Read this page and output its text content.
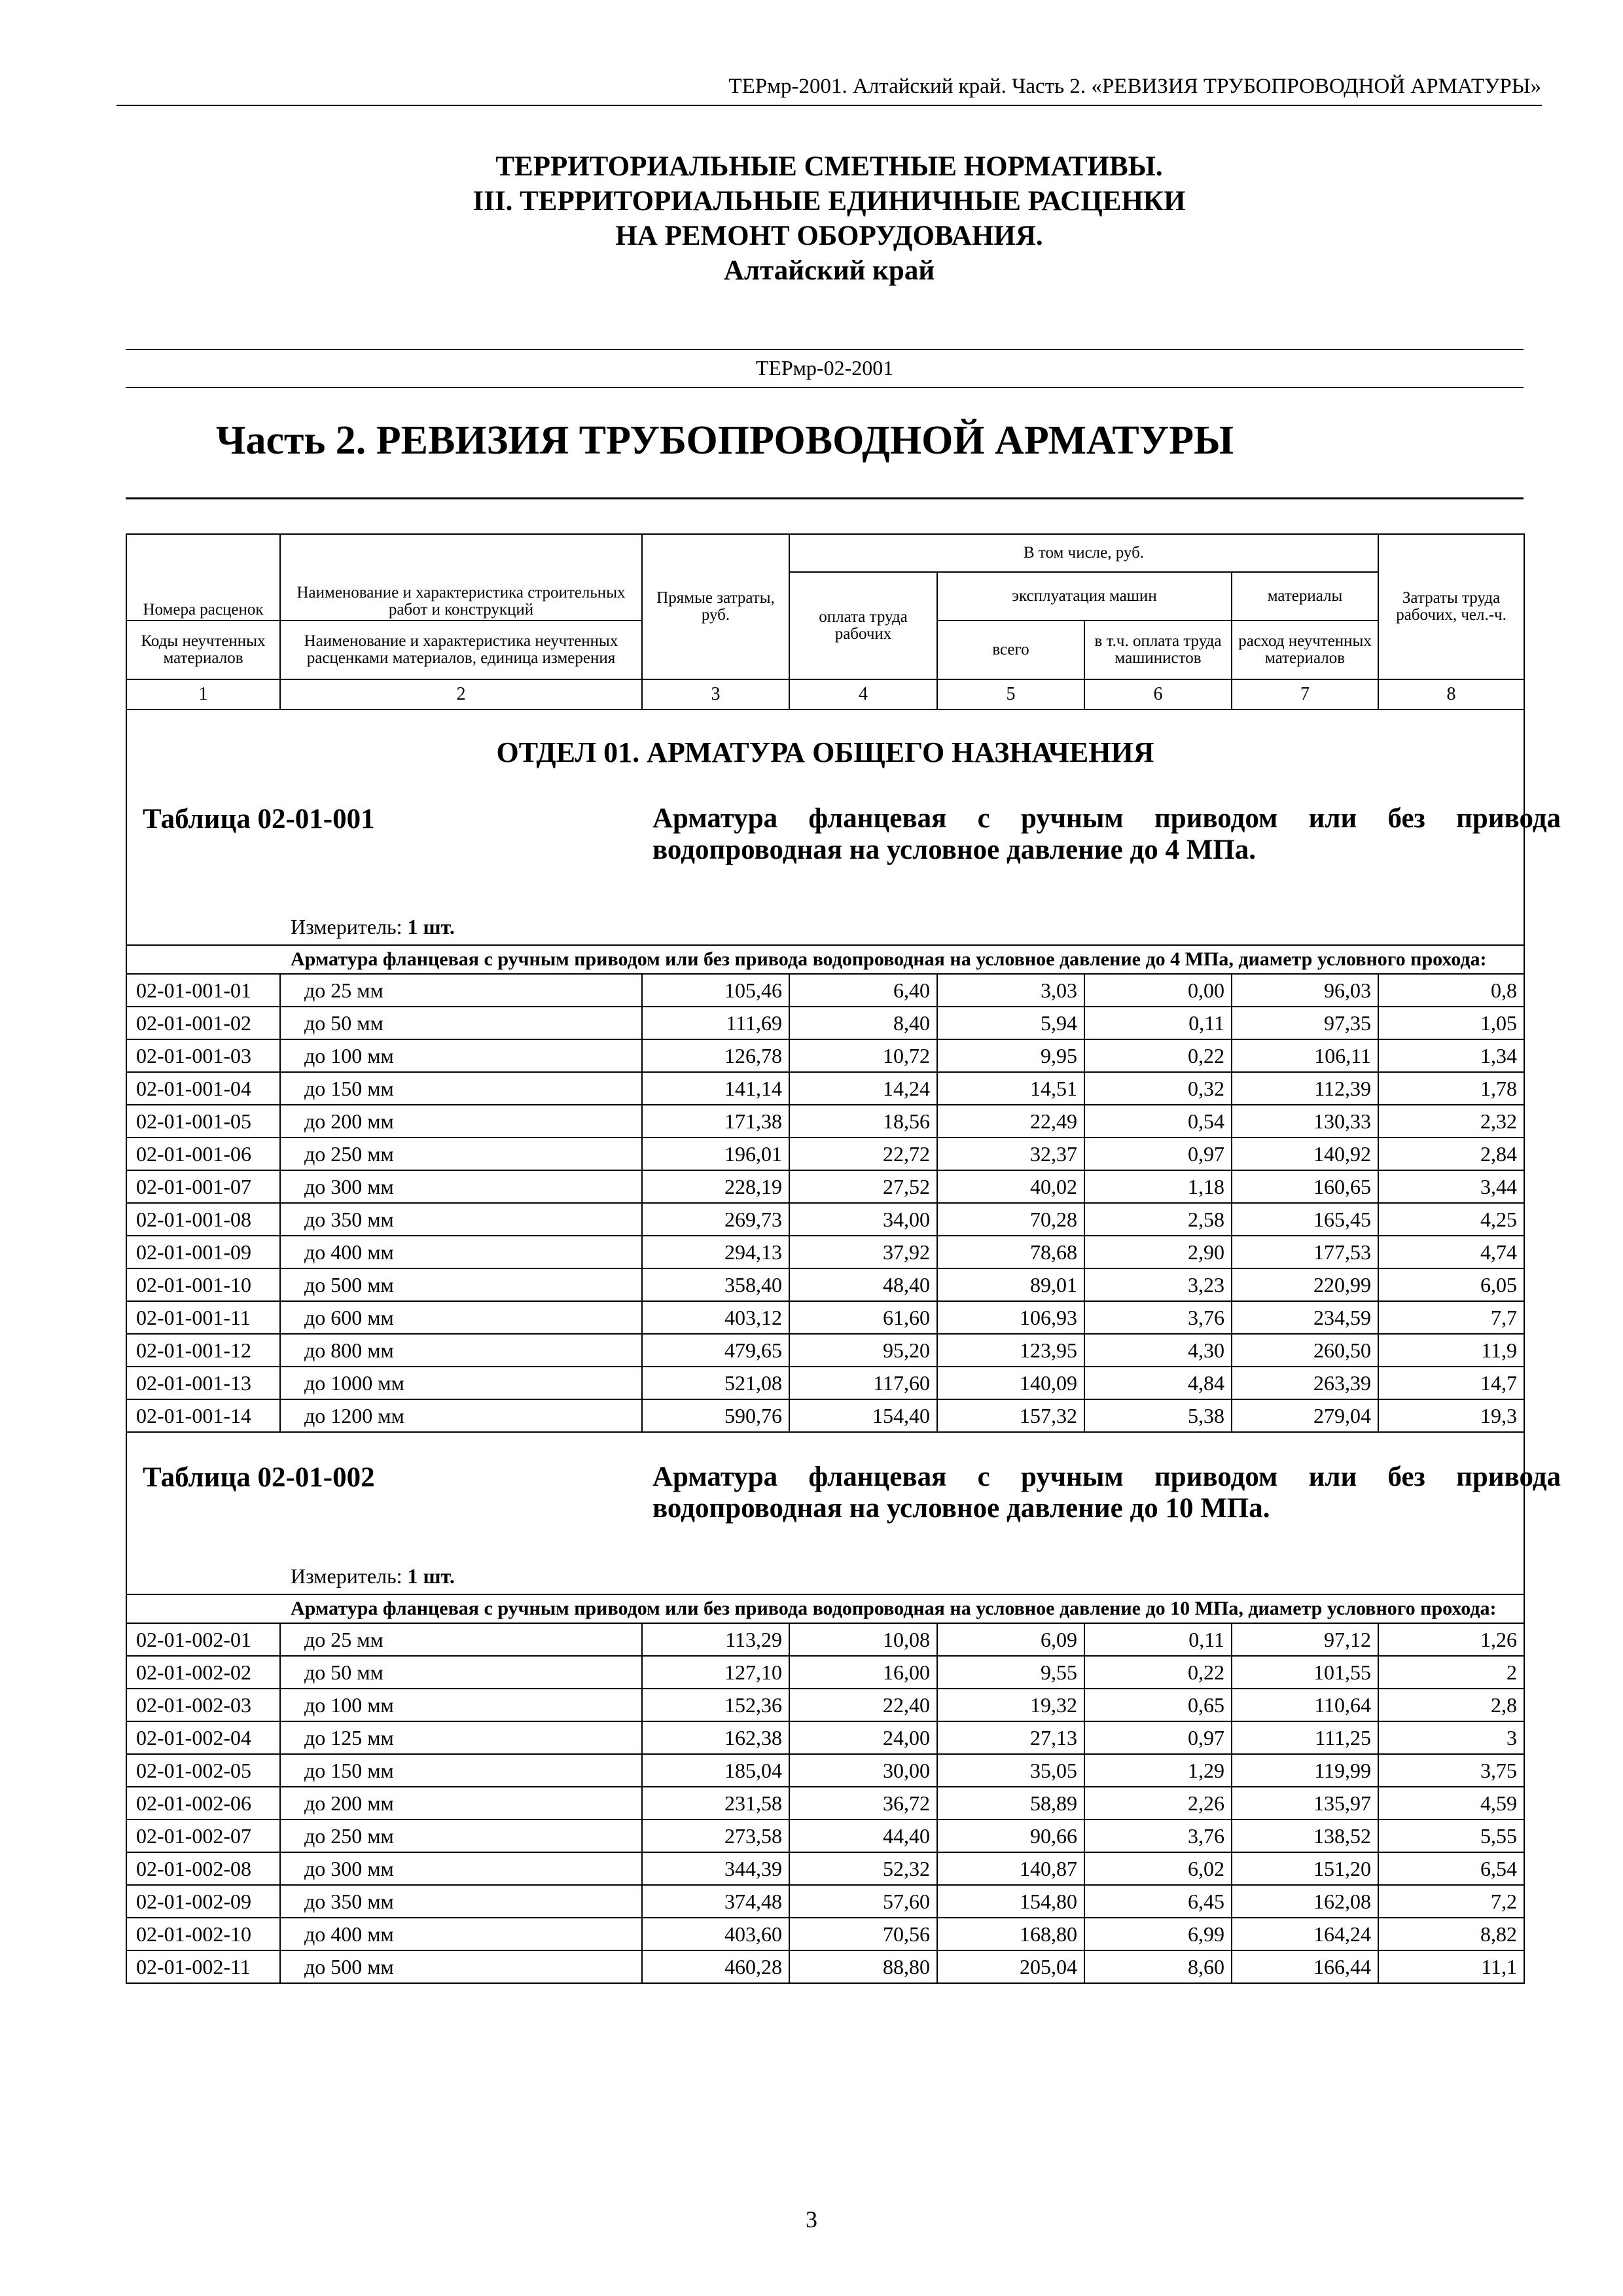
ТЕРмр-2001. Алтайский край. Часть 2. «РЕВИЗИЯ ТРУБОПРОВОДНОЙ АРМАТУРЫ»
ТЕРРИТОРИАЛЬНЫЕ СМЕТНЫЕ НОРМАТИВЫ.
III. ТЕРРИТОРИАЛЬНЫЕ ЕДИНИЧНЫЕ РАСЦЕНКИ
НА РЕМОНТ ОБОРУДОВАНИЯ.
Алтайский край
ТЕРмр-02-2001
Часть 2. РЕВИЗИЯ ТРУБОПРОВОДНОЙ АРМАТУРЫ
Номера расценок	Наименование и характеристика строительных работ и конструкций	Прямые затраты, руб.	В том числе, руб.				Затраты труда рабочих, чел.-ч.
			оплата труда рабочих	эксплуатация машин		материалы	
Коды неучтенных материалов	Наименование и характеристика неучтенных расценками материалов, единица измерения			всего	в т.ч. оплата труда машинистов	расход неучтенных материалов	
1	2	3	4	5	6	7	8

ОТДЕЛ 01. АРМАТУРА ОБЩЕГО НАЗНАЧЕНИЯ							

Таблица 02-01-001 Арматура фланцевая с ручным приводом или без привода водопроводная на условное давление до 4 МПа.
Измеритель: 1 шт.							

Арматура фланцевая с ручным приводом или без привода водопроводная на условное давление до 4 МПа, диаметр условного прохода:							
02-01-001-01	до 25 мм	105,46	6,40	3,03	0,00	96,03	0,8
02-01-001-02	до 50 мм	111,69	8,40	5,94	0,11	97,35	1,05
02-01-001-03	до 100 мм	126,78	10,72	9,95	0,22	106,11	1,34
02-01-001-04	до 150 мм	141,14	14,24	14,51	0,32	112,39	1,78
02-01-001-05	до 200 мм	171,38	18,56	22,49	0,54	130,33	2,32
02-01-001-06	до 250 мм	196,01	22,72	32,37	0,97	140,92	2,84
02-01-001-07	до 300 мм	228,19	27,52	40,02	1,18	160,65	3,44
02-01-001-08	до 350 мм	269,73	34,00	70,28	2,58	165,45	4,25
02-01-001-09	до 400 мм	294,13	37,92	78,68	2,90	177,53	4,74
02-01-001-10	до 500 мм	358,40	48,40	89,01	3,23	220,99	6,05
02-01-001-11	до 600 мм	403,12	61,60	106,93	3,76	234,59	7,7
02-01-001-12	до 800 мм	479,65	95,20	123,95	4,30	260,50	11,9
02-01-001-13	до 1000 мм	521,08	117,60	140,09	4,84	263,39	14,7
02-01-001-14	до 1200 мм	590,76	154,40	157,32	5,38	279,04	19,3

Таблица 02-01-002 Арматура фланцевая с ручным приводом или без привода водопроводная на условное давление до 10 МПа.
Измеритель: 1 шт.							

Арматура фланцевая с ручным приводом или без привода водопроводная на условное давление до 10 МПа, диаметр условного прохода:							
02-01-002-01	до 25 мм	113,29	10,08	6,09	0,11	97,12	1,26
02-01-002-02	до 50 мм	127,10	16,00	9,55	0,22	101,55	2
02-01-002-03	до 100 мм	152,36	22,40	19,32	0,65	110,64	2,8
02-01-002-04	до 125 мм	162,38	24,00	27,13	0,97	111,25	3
02-01-002-05	до 150 мм	185,04	30,00	35,05	1,29	119,99	3,75
02-01-002-06	до 200 мм	231,58	36,72	58,89	2,26	135,97	4,59
02-01-002-07	до 250 мм	273,58	44,40	90,66	3,76	138,52	5,55
02-01-002-08	до 300 мм	344,39	52,32	140,87	6,02	151,20	6,54
02-01-002-09	до 350 мм	374,48	57,60	154,80	6,45	162,08	7,2
02-01-002-10	до 400 мм	403,60	70,56	168,80	6,99	164,24	8,82
02-01-002-11	до 500 мм	460,28	88,80	205,04	8,60	166,44	11,1
3
